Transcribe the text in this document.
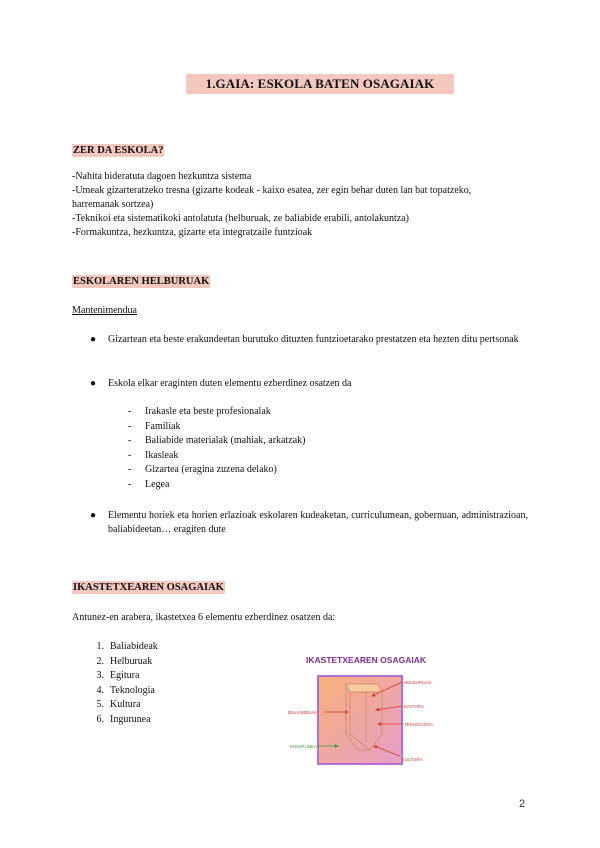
1.GAIA: ESKOLA BATEN OSAGAIAK
ZER DA ESKOLA?
-Nahita bideratuta dagoen hezkuntza sistema
-Umeak gizarteratzeko tresna (gizarte kodeak - kaixo esatea, zer egin behar duten lan bat topatzeko,
harremanak sortzea)
-Teknikoi eta sistematikoki antolatuta (helburuak, ze baliabide erabili, antolakuntza)
-Formakuntza, hezkuntza, gizarte eta integratzaile funtzioak
ESKOLAREN HELBURUAK
Mantenimendua
● Gizartean eta beste erakundeetan burutuko dituzten funtzioetarako prestatzen eta hezten ditu pertsonak
● Eskola elkar eraginten duten elementu ezberdinez osatzen da
- Irakasle eta beste profesionalak
- Familiak
- Baliabide materialak (mahiak, arkatzak)
- Ikasleak
- Gizartea (eragina zuzena delako)
- Legea
● Elementu horiek eta horien erlazioak eskolaren kudeaketan, curriculumean, gobernuan, administrazioan, baliabideetan… eragiten dute
IKASTETXEAREN OSAGAIAK
Antunez-en arabera, ikastetxea 6 elementu ezberdinez osatzen da:
1. Baliabideak
2. Helburuak
3. Egitura
4. Teknologia
5. Kultura
6. Ingurunea
IKASTETXEAREN OSAGAIAK
HELBURUAK
EGITURA
TEKNOLOGIA
BALIABIDEAK
INGURUNEA
KULTURA
2
